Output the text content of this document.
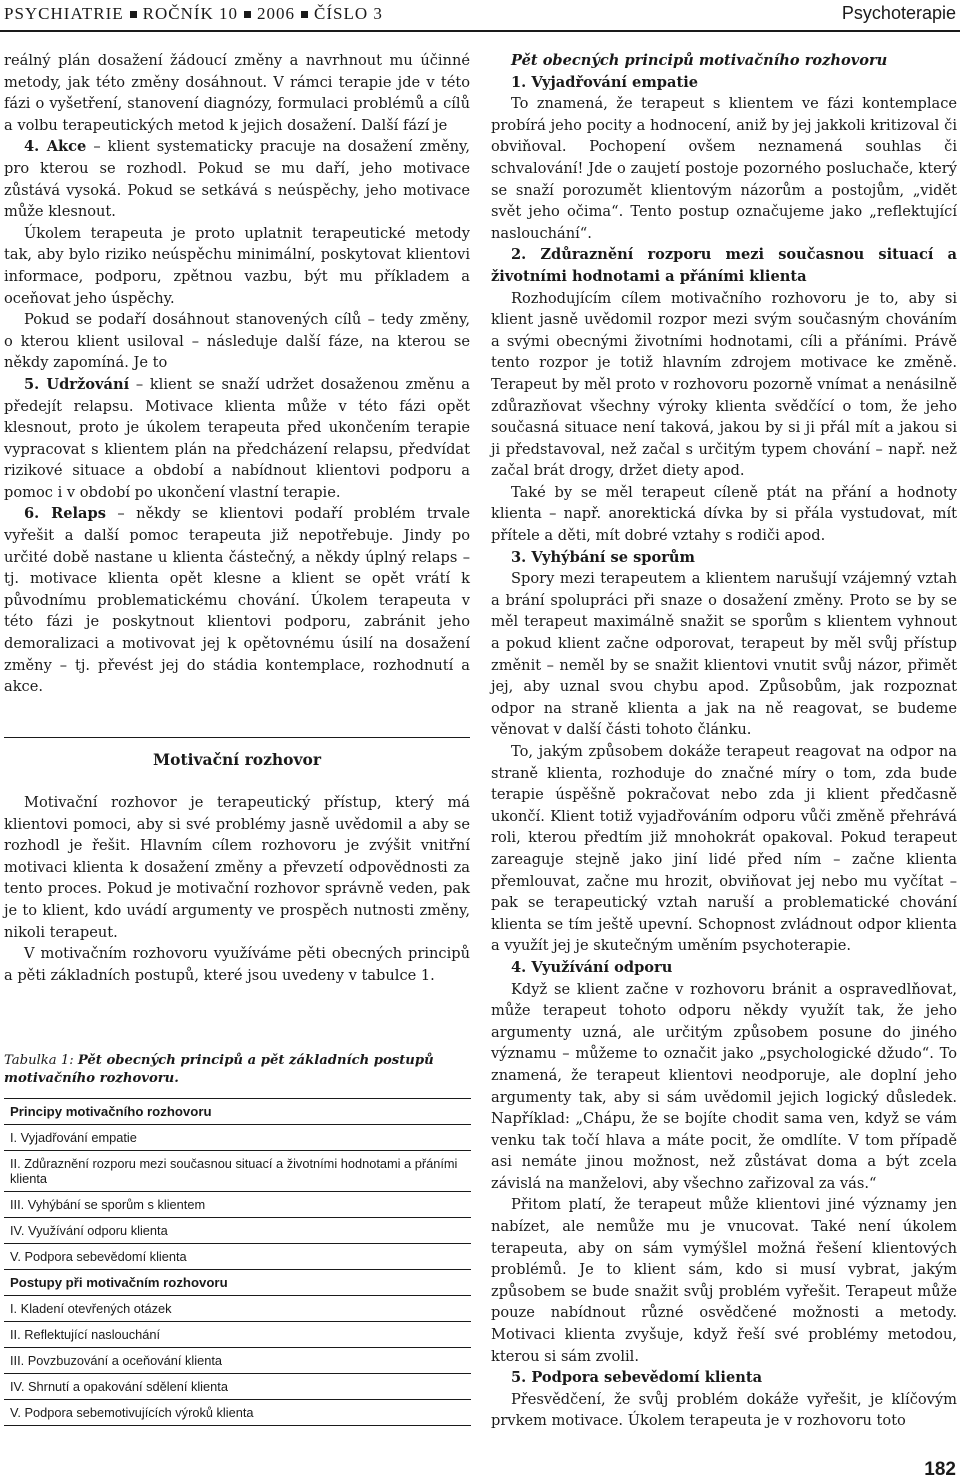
PSYCHIATRIE ROČNÍK 10 2006 ČÍSLO 3	Psychoterapie

reálný plán dosažení žádoucí změny a navrhnout mu účinné metody, jak této změny dosáhnout. V rámci terapie jde v této fázi o vyšetření, stanovení diagnózy, formulaci problémů a cílů a volbu terapeutických metod k jejich dosažení. Další fází je

4. Akce – klient systematicky pracuje na dosažení změny, pro kterou se rozhodl. Pokud se mu daří, jeho motivace zůstává vysoká. Pokud se setkává s neúspěchy, jeho motivace může klesnout.

Úkolem terapeuta je proto uplatnit terapeutické metody tak, aby bylo riziko neúspěchu minimální, poskytovat klientovi informace, podporu, zpětnou vazbu, být mu příkladem a oceňovat jeho úspěchy.

Pokud se podaří dosáhnout stanovených cílů – tedy změny, o kterou klient usiloval – následuje další fáze, na kterou se někdy zapomíná. Je to

5. Udržování – klient se snaží udržet dosaženou změnu a předejít relapsu. Motivace klienta může v této fázi opět klesnout, proto je úkolem terapeuta před ukončením terapie vypracovat s klientem plán na předcházení relapsu, předvídat rizikové situace a období a nabídnout klientovi podporu a pomoc i v období po ukončení vlastní terapie.

6. Relaps – někdy se klientovi podaří problém trvale vyřešit a další pomoc terapeuta již nepotřebuje. Jindy po určité době nastane u klienta částečný, a někdy úplný relaps – tj. motivace klienta opět klesne a klient se opět vrátí k původnímu problematickému chování. Úkolem terapeuta v této fázi je poskytnout klientovi podporu, zabránit jeho demoralizaci a motivovat jej k opětovnému úsilí na dosažení změny – tj. převést jej do stádia kontemplace, rozhodnutí a akce.

Motivační rozhovor

Motivační rozhovor je terapeutický přístup, který má klientovi pomoci, aby si své problémy jasně uvědomil a aby se rozhodl je řešit. Hlavním cílem rozhovoru je zvýšit vnitřní motivaci klienta k dosažení změny a převzetí odpovědnosti za tento proces. Pokud je motivační rozhovor správně veden, pak je to klient, kdo uvádí argumenty ve prospěch nutnosti změny, nikoli terapeut.

V motivačním rozhovoru využíváme pěti obecných principů a pěti základních postupů, které jsou uvedeny v tabulce 1.

Tabulka 1: Pět obecných principů a pět základních postupů motivačního rozhovoru.
Principy motivačního rozhovoru
I. Vyjadřování empatie
II. Zdůraznění rozporu mezi současnou situací a životními hodnotami a přáními klienta
III. Vyhýbání se sporům s klientem
IV. Využívání odporu klienta
V. Podpora sebevědomí klienta
Postupy při motivačním rozhovoru
I. Kladení otevřených otázek
II. Reflektující naslouchání
III. Povzbuzování a oceňování klienta
IV. Shrnutí a opakování sdělení klienta
V. Podpora sebemotivujících výroků klienta

Pět obecných principů motivačního rozhovoru

1. Vyjadřování empatie

To znamená, že terapeut s klientem ve fázi kontemplace probírá jeho pocity a hodnocení, aniž by jej jakkoli kritizoval či obviňoval. Pochopení ovšem neznamená souhlas či schvalování! Jde o zaujetí postoje pozorného posluchače, který se snaží porozumět klientovým názorům a postojům, „vidět svět jeho očima“. Tento postup označujeme jako „reflektující naslouchání“.

2. Zdůraznění rozporu mezi současnou situací a životními hodnotami a přáními klienta

Rozhodujícím cílem motivačního rozhovoru je to, aby si klient jasně uvědomil rozpor mezi svým současným chováním a svými obecnými životními hodnotami, cíli a přáními. Právě tento rozpor je totiž hlavním zdrojem motivace ke změně. Terapeut by měl proto v rozhovoru pozorně vnímat a nenásilně zdůrazňovat všechny výroky klienta svědčící o tom, že jeho současná situace není taková, jakou by si ji přál mít a jakou si ji představoval, než začal s určitým typem chování – např. než začal brát drogy, držet diety apod.

Také by se měl terapeut cíleně ptát na přání a hodnoty klienta – např. anorektická dívka by si přála vystudovat, mít přítele a děti, mít dobré vztahy s rodiči apod.

3. Vyhýbání se sporům

Spory mezi terapeutem a klientem narušují vzájemný vztah a brání spolupráci při snaze o dosažení změny. Proto se by se měl terapeut maximálně snažit se sporům s klientem vyhnout a pokud klient začne odporovat, terapeut by měl svůj přístup změnit – neměl by se snažit klientovi vnutit svůj názor, přimět jej, aby uznal svou chybu apod. Způsobům, jak rozpoznat odpor na straně klienta a jak na ně reagovat, se budeme věnovat v další části tohoto článku.

To, jakým způsobem dokáže terapeut reagovat na odpor na straně klienta, rozhoduje do značné míry o tom, zda bude terapie úspěšně pokračovat nebo zda ji klient předčasně ukončí. Klient totiž vyjadřováním odporu vůči změně přehrává roli, kterou předtím již mnohokrát opakoval. Pokud terapeut zareaguje stejně jako jiní lidé před ním – začne klienta přemlouvat, začne mu hrozit, obviňovat jej nebo mu vyčítat – pak se terapeutický vztah naruší a problematické chování klienta se tím ještě upevní. Schopnost zvládnout odpor klienta a využít jej je skutečným uměním psychoterapie.

4. Využívání odporu

Když se klient začne v rozhovoru bránit a ospravedlňovat, může terapeut tohoto odporu někdy využít tak, že jeho argumenty uzná, ale určitým způsobem posune do jiného významu – můžeme to označit jako „psychologické džudo“. To znamená, že terapeut klientovi neodporuje, ale doplní jeho argumenty tak, aby si sám uvědomil jejich logický důsledek. Například: „Chápu, že se bojíte chodit sama ven, když se vám venku tak točí hlava a máte pocit, že omdlíte. V tom případě asi nemáte jinou možnost, než zůstávat doma a být zcela závislá na manželovi, aby všechno zařizoval za vás.“

Přitom platí, že terapeut může klientovi jiné významy jen nabízet, ale nemůže mu je vnucovat. Také není úkolem terapeuta, aby on sám vymýšlel možná řešení klientových problémů. Je to klient sám, kdo si musí vybrat, jakým způsobem se bude snažit svůj problém vyřešit. Terapeut může pouze nabídnout různé osvědčené možnosti a metody. Motivaci klienta zvyšuje, když řeší své problémy metodou, kterou si sám zvolil.

5. Podpora sebevědomí klienta

Přesvědčení, že svůj problém dokáže vyřešit, je klíčovým prvkem motivace. Úkolem terapeuta je v rozhovoru toto

182
